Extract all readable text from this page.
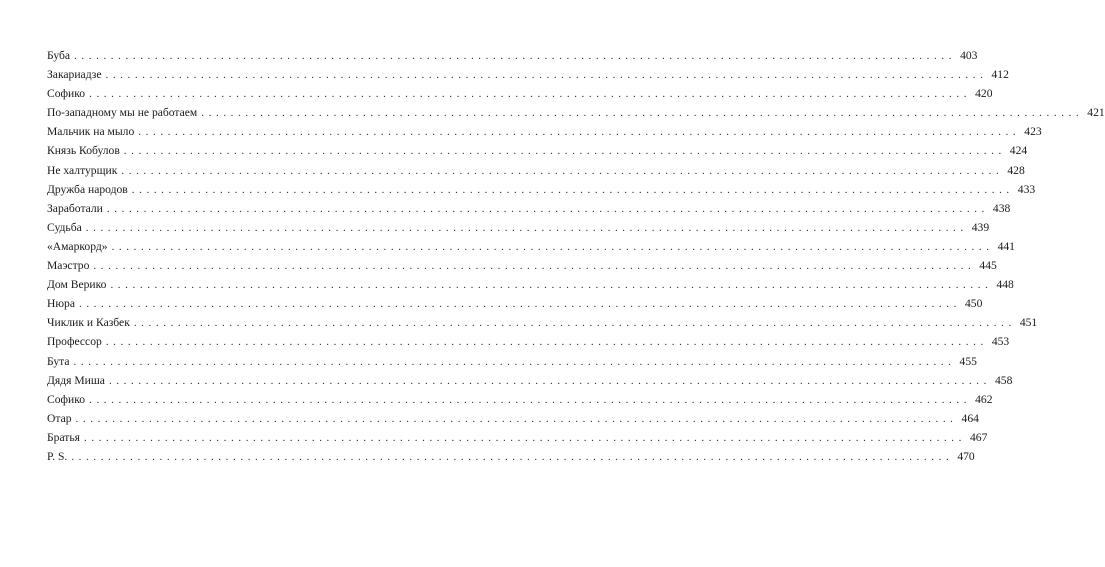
Буба ........................................................................................................................ 403
Закариадзе ........................................................................................................................ 412
Софико ........................................................................................................................ 420
По-западному мы не работаем ........................................................................................................................ 421
Мальчик на мыло ........................................................................................................................ 423
Князь Кобулов ........................................................................................................................ 424
Не халтурщик ........................................................................................................................ 428
Дружба народов ........................................................................................................................ 433
Заработали ........................................................................................................................ 438
Судьба ........................................................................................................................ 439
«Амаркорд» ........................................................................................................................ 441
Маэстро ........................................................................................................................ 445
Дом Верико ........................................................................................................................ 448
Нюра ........................................................................................................................ 450
Чиклик и Казбек ........................................................................................................................ 451
Профессор ........................................................................................................................ 453
Бута ........................................................................................................................ 455
Дядя Миша ........................................................................................................................ 458
Софико ........................................................................................................................ 462
Отар ........................................................................................................................ 464
Братья ........................................................................................................................ 467
P. S. ........................................................................................................................ 470
